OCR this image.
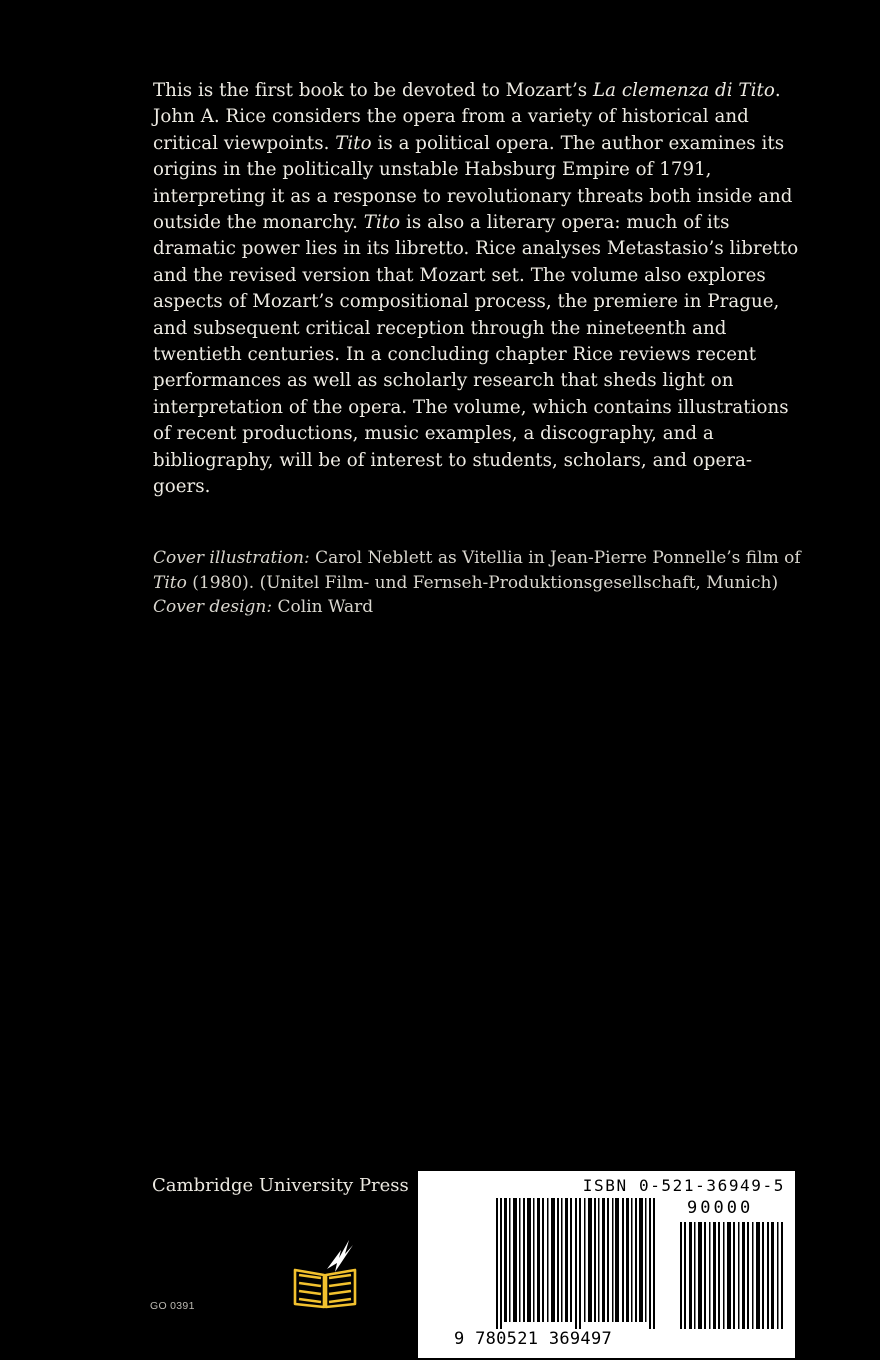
This is the first book to be devoted to Mozart’s La clemenza di Tito. John A. Rice considers the opera from a variety of historical and critical viewpoints. Tito is a political opera. The author examines its origins in the politically unstable Habsburg Empire of 1791, interpreting it as a response to revolutionary threats both inside and outside the monarchy. Tito is also a literary opera: much of its dramatic power lies in its libretto. Rice analyses Metastasio’s libretto and the revised version that Mozart set. The volume also explores aspects of Mozart’s compositional process, the premiere in Prague, and subsequent critical reception through the nineteenth and twentieth centuries. In a concluding chapter Rice reviews recent performances as well as scholarly research that sheds light on interpretation of the opera. The volume, which contains illustrations of recent productions, music examples, a discography, and a bibliography, will be of interest to students, scholars, and opera-goers.

Cover illustration: Carol Neblett as Vitellia in Jean-Pierre Ponnelle’s film of Tito (1980). (Unitel Film- und Fernseh-Produktionsgesellschaft, Munich)

Cover design: Colin Ward

Cambridge University Press
GO 0391
ISBN 0-521-36949-5
90000
9 780521 369497
